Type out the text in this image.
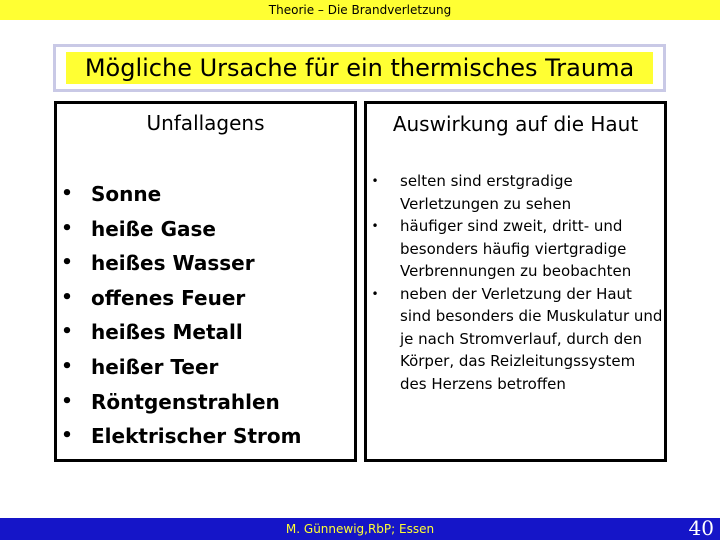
Theorie – Die Brandverletzung
Mögliche Ursache für ein thermisches Trauma
Unfallagens
• Sonne
• heiße Gase
• heißes Wasser
• offenes Feuer
• heißes Metall
• heißer Teer
• Röntgenstrahlen
• Elektrischer Strom
Auswirkung auf die Haut
• selten sind erstgradige Verletzungen zu sehen
• häufiger sind zweit, dritt- und besonders häufig viertgradige Verbrennungen zu beobachten
• neben der Verletzung der Haut sind besonders die Muskulatur und je nach Stromverlauf, durch den Körper, das Reizleitungssystem des Herzens betroffen
M. Günnewig,RbP; Essen	40
